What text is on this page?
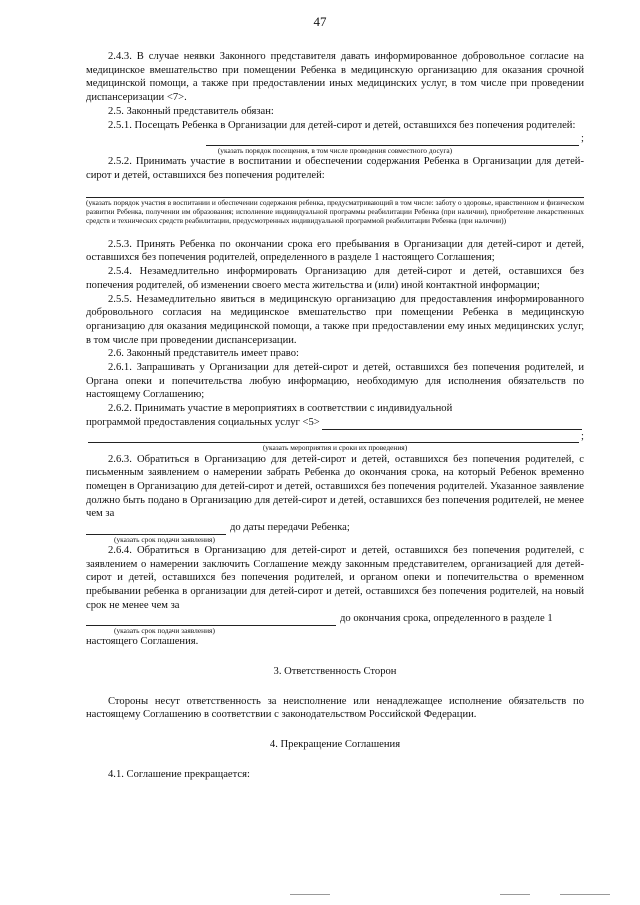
47

2.4.3. В случае неявки Законного представителя давать информированное добровольное согласие на медицинское вмешательство при помещении Ребенка в медицинскую организацию для оказания срочной медицинской помощи, а также при предоставлении иных медицинских услуг, в том числе при проведении диспансеризации <7>.

2.5. Законный представитель обязан:

2.5.1. Посещать Ребенка в Организации для детей-сирот и детей, оставшихся без попечения родителей:

;

(указать порядок посещения, в том числе проведения совместного досуга)

2.5.2. Принимать участие в воспитании и обеспечении содержания Ребенка в Организации для детей-сирот и детей, оставшихся без попечения родителей:

(указать порядок участия в воспитании и обеспечении содержания ребенка, предусматривающий в том числе: заботу о здоровье, нравственном и физическом развитии Ребенка, получении им образования; исполнение индивидуальной программы реабилитации Ребенка (при наличии), приобретение лекарственных средств и технических средств реабилитации, предусмотренных индивидуальной программой реабилитации Ребенка (при наличии))

2.5.3. Принять Ребенка по окончании срока его пребывания в Организации для детей-сирот и детей, оставшихся без попечения родителей, определенного в разделе 1 настоящего Соглашения;

2.5.4. Незамедлительно информировать Организацию для детей-сирот и детей, оставшихся без попечения родителей, об изменении своего места жительства и (или) иной контактной информации;

2.5.5. Незамедлительно явиться в медицинскую организацию для предоставления информированного добровольного согласия на медицинское вмешательство при помещении Ребенка в медицинскую организацию для оказания медицинской помощи, а также при предоставлении ему иных медицинских услуг, в том числе при проведении диспансеризации.

2.6. Законный представитель имеет право:

2.6.1. Запрашивать у Организации для детей-сирот и детей, оставшихся без попечения родителей, и Органа опеки и попечительства любую информацию, необходимую для исполнения обязательств по настоящему Соглашению;

2.6.2. Принимать участие в мероприятиях в соответствии с индивидуальной

программой предоставления социальных услуг <5>
;

(указать мероприятия и сроки их проведения)

2.6.3. Обратиться в Организацию для детей-сирот и детей, оставшихся без попечения родителей, с письменным заявлением о намерении забрать Ребенка до окончания срока, на который Ребенок временно помещен в Организацию для детей-сирот и детей, оставшихся без попечения родителей. Указанное заявление должно быть подано в Организацию для детей-сирот и детей, оставшихся без попечения родителей, не менее чем за

до даты передачи Ребенка;

(указать срок подачи заявления)

2.6.4. Обратиться в Организацию для детей-сирот и детей, оставшихся без попечения родителей, с заявлением о намерении заключить Соглашение между законным представителем, организацией для детей-сирот и детей, оставшихся без попечения родителей, и органом опеки и попечительства о временном пребывании ребенка в организации для детей-сирот и детей, оставшихся без попечения родителей, на новый срок не менее чем за

до окончания срока, определенного в разделе 1

(указать срок подачи заявления)

настоящего Соглашения.

3. Ответственность Сторон

Стороны несут ответственность за неисполнение или ненадлежащее исполнение обязательств по настоящему Соглашению в соответствии с законодательством Российской Федерации.

4. Прекращение Соглашения

4.1. Соглашение прекращается:
